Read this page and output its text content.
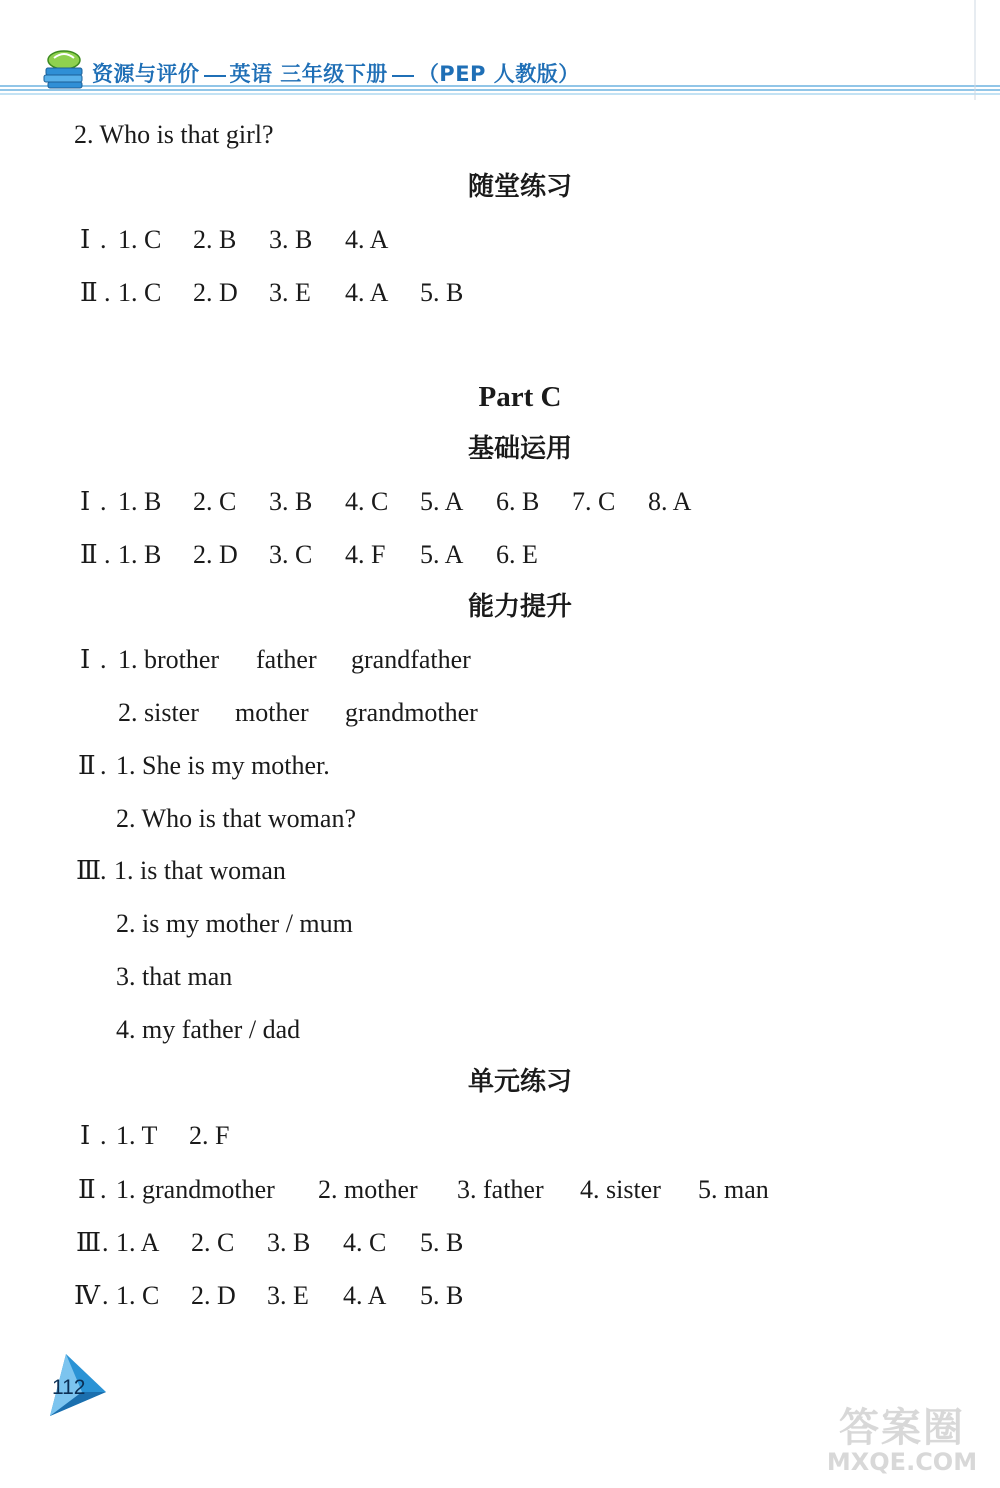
资源与评价 英语 三年级下册 （PEP 人教版）
2. Who is that girl?
随堂练习
Ⅰ . 1. C 2. B 3. B 4. A
Ⅱ . 1. C 2. D 3. E 4. A 5. B
Part C
基础运用
Ⅰ . 1. B 2. C 3. B 4. C 5. A 6. B 7. C 8. A
Ⅱ . 1. B 2. D 3. C 4. F 5. A 6. E
能力提升
Ⅰ . 1. brother father grandfather
2. sister mother grandmother
Ⅱ . 1. She is my mother.
2. Who is that woman?
Ⅲ
. 1. is that woman
2. is my mother / mum
3. that man
4. my father / dad
单元练习
Ⅰ . 1. T 2. F
Ⅱ . 1. grandmother 2. mother 3. father 4. sister 5. man
Ⅲ . 1. A 2. C 3. B 4. C 5. B
Ⅳ . 1. C 2. D 3. E 4. A 5. B
112
答案圈
MXQE.COM
